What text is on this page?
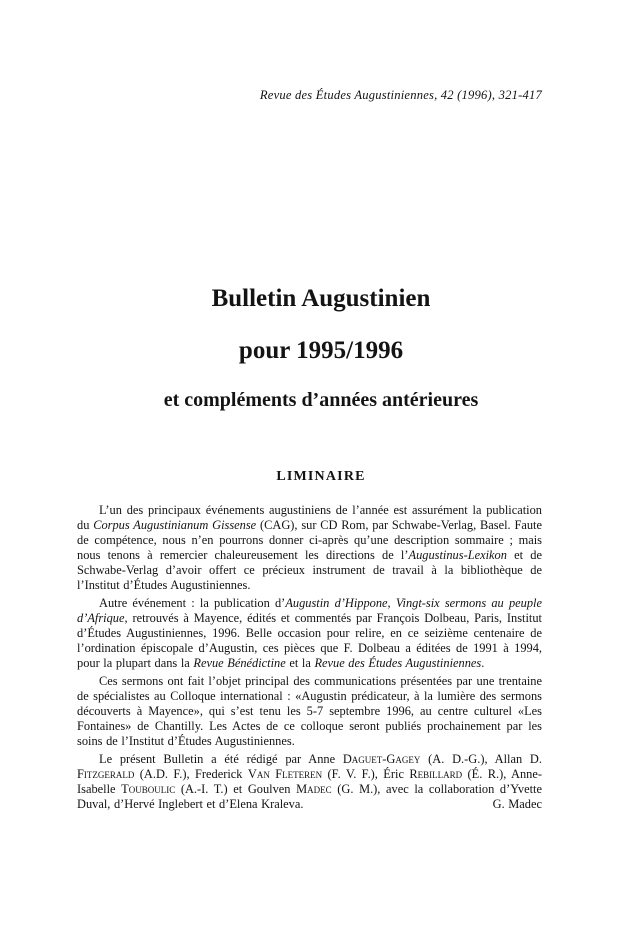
Revue des Études Augustiniennes, 42 (1996), 321-417
Bulletin Augustinien
pour 1995/1996
et compléments d’années antérieures
LIMINAIRE

L’un des principaux événements augustiniens de l’année est assurément la publication du Corpus Augustinianum Gissense (CAG), sur CD Rom, par Schwabe-Verlag, Basel. Faute de compétence, nous n’en pourrons donner ci-après qu’une description sommaire ; mais nous tenons à remercier chaleureusement les directions de l’Augustinus-Lexikon et de Schwabe-Verlag d’avoir offert ce précieux instrument de travail à la bibliothèque de l’Institut d’Études Augustiniennes.

Autre événement : la publication d’Augustin d’Hippone, Vingt-six sermons au peuple d’Afrique, retrouvés à Mayence, édités et commentés par François Dolbeau, Paris, Institut d’Études Augustiniennes, 1996. Belle occasion pour relire, en ce seizième centenaire de l’ordination épiscopale d’Augustin, ces pièces que F. Dolbeau a éditées de 1991 à 1994, pour la plupart dans la Revue Bénédictine et la Revue des Études Augustiniennes.

Ces sermons ont fait l’objet principal des communications présentées par une trentaine de spécialistes au Colloque international : «Augustin prédicateur, à la lumière des sermons découverts à Mayence», qui s’est tenu les 5-7 septembre 1996, au centre culturel «Les Fontaines» de Chantilly. Les Actes de ce colloque seront publiés prochainement par les soins de l’Institut d’Études Augustiniennes.

Le présent Bulletin a été rédigé par Anne Daguet-Gagey (A. D.-G.), Allan D. Fitzgerald (A.D. F.), Frederick Van Fleteren (F. V. F.), Éric Rebillard (É. R.), Anne-Isabelle Touboulic (A.-I. T.) et Goulven Madec (G. M.), avec la collaboration d’Yvette Duval, d’Hervé Inglebert et d’Elena Kraleva.	G. Madec
